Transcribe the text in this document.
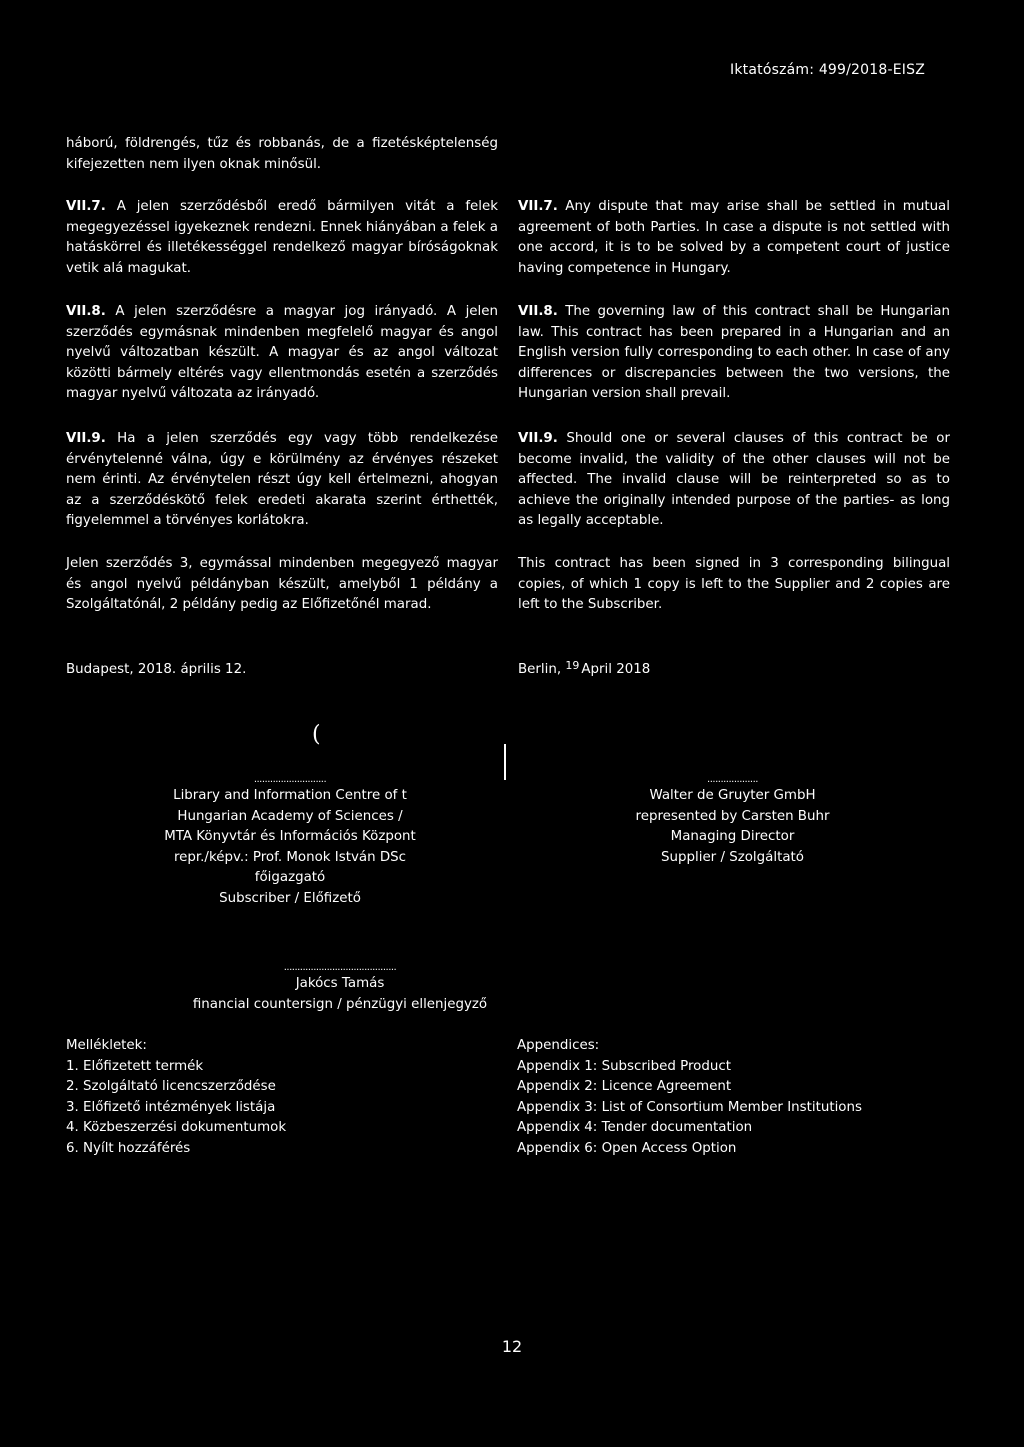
Iktatószám: 499/2018-EISZ

háború, földrengés, tűz és robbanás, de a fizetésképtelenség kifejezetten nem ilyen oknak minősül.

VII.7. A jelen szerződésből eredő bármilyen vitát a felek megegyezéssel igyekeznek rendezni. Ennek hiányában a felek a hatáskörrel és illetékességgel rendelkező magyar bíróságoknak vetik alá magukat.

VII.7. Any dispute that may arise shall be settled in mutual agreement of both Parties. In case a dispute is not settled with one accord, it is to be solved by a competent court of justice having competence in Hungary.

VII.8. A jelen szerződésre a magyar jog irányadó. A jelen szerződés egymásnak mindenben megfelelő magyar és angol nyelvű változatban készült. A magyar és az angol változat közötti bármely eltérés vagy ellentmondás esetén a szerződés magyar nyelvű változata az irányadó.

VII.8. The governing law of this contract shall be Hungarian law. This contract has been prepared in a Hungarian and an English version fully corresponding to each other. In case of any differences or discrepancies between the two versions, the Hungarian version shall prevail.

VII.9. Ha a jelen szerződés egy vagy több rendelkezése érvénytelenné válna, úgy e körülmény az érvényes részeket nem érinti. Az érvénytelen részt úgy kell értelmezni, ahogyan az a szerződéskötő felek eredeti akarata szerint érthették, figyelemmel a törvényes korlátokra.

VII.9. Should one or several clauses of this contract be or become invalid, the validity of the other clauses will not be affected. The invalid clause will be reinterpreted so as to achieve the originally intended purpose of the parties- as long as legally acceptable.

Jelen szerződés 3, egymással mindenben megegyező magyar és angol nyelvű példányban készült, amelyből 1 példány a Szolgáltatónál, 2 példány pedig az Előfizetőnél marad.

This contract has been signed in 3 corresponding bilingual copies, of which 1 copy is left to the Supplier and 2 copies are left to the Subscriber.

Budapest, 2018. április 12.	Berlin, $^{19}$ April 2018
(
...........................
Library and Information Centre of t
Hungarian Academy of Sciences /
MTA Könyvtár és Információs Központ
repr./képv.: Prof. Monok István DSc
főigazgató
Subscriber / Előfizető
...................
Walter de Gruyter GmbH
represented by Carsten Buhr
Managing Director
Supplier / Szolgáltató
..........................................
Jakócs Tamás
financial countersign / pénzügyi ellenjegyző
Mellékletek:
1. Előfizetett termék
2. Szolgáltató licencszerződése
3. Előfizető intézmények listája
4. Közbeszerzési dokumentumok
6. Nyílt hozzáférés
Appendices:
Appendix 1: Subscribed Product
Appendix 2: Licence Agreement
Appendix 3: List of Consortium Member Institutions
Appendix 4: Tender documentation
Appendix 6: Open Access Option
12
